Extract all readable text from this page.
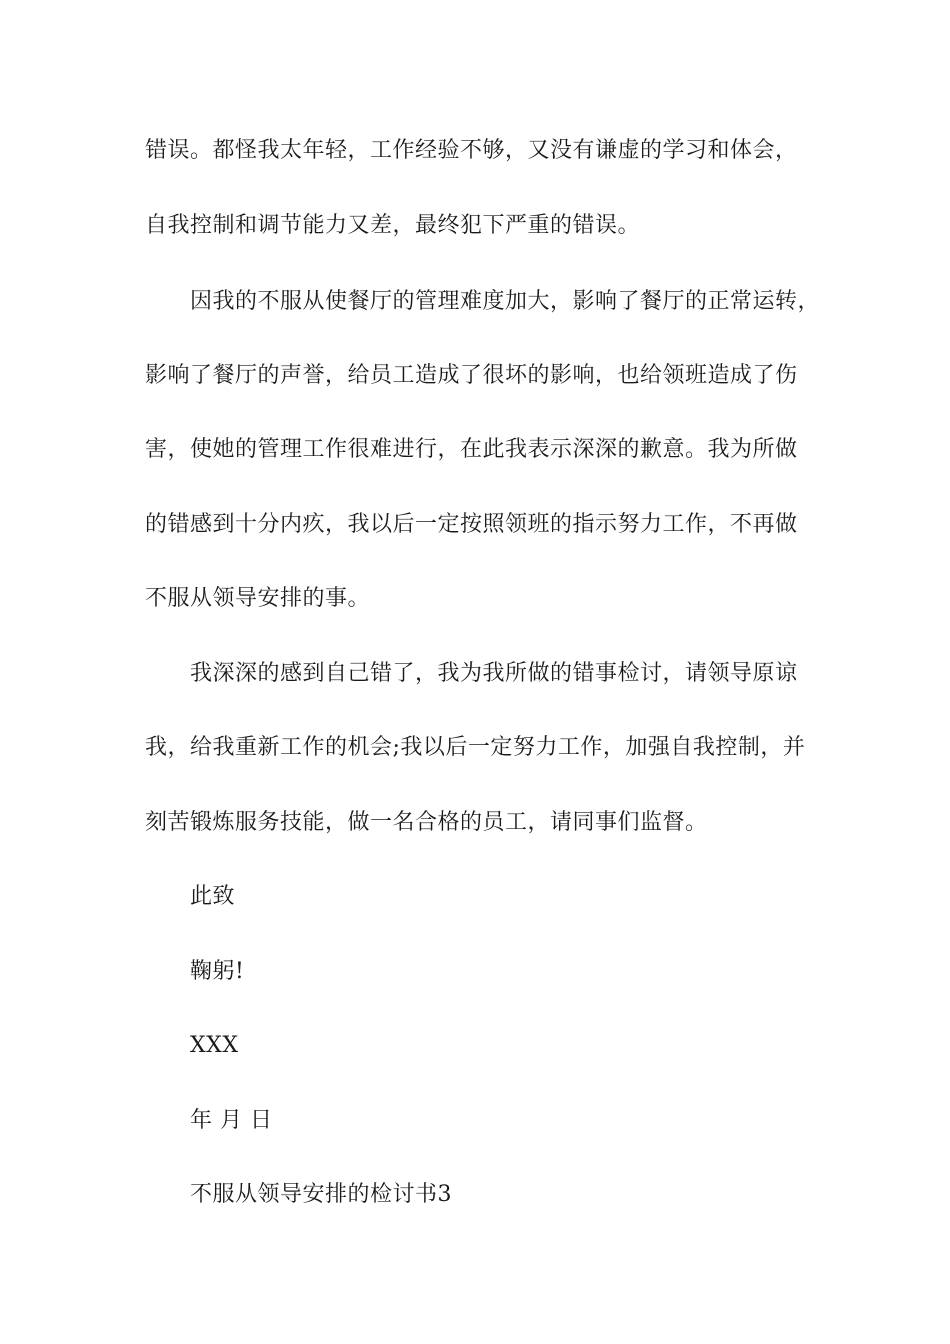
错误。都怪我太年轻，工作经验不够，又没有谦虚的学习和体会，
自我控制和调节能力又差，最终犯下严重的错误。
因我的不服从使餐厅的管理难度加大，影响了餐厅的正常运转，
影响了餐厅的声誉，给员工造成了很坏的影响，也给领班造成了伤
害，使她的管理工作很难进行，在此我表示深深的歉意。我为所做
的错感到十分内疚，我以后一定按照领班的指示努力工作，不再做
不服从领导安排的事。
我深深的感到自己错了，我为我所做的错事检讨，请领导原谅
我，给我重新工作的机会;我以后一定努力工作，加强自我控制，并
刻苦锻炼服务技能，做一名合格的员工，请同事们监督。
此致
鞠躬!
XXX
年 月 日
不服从领导安排的检讨书3
